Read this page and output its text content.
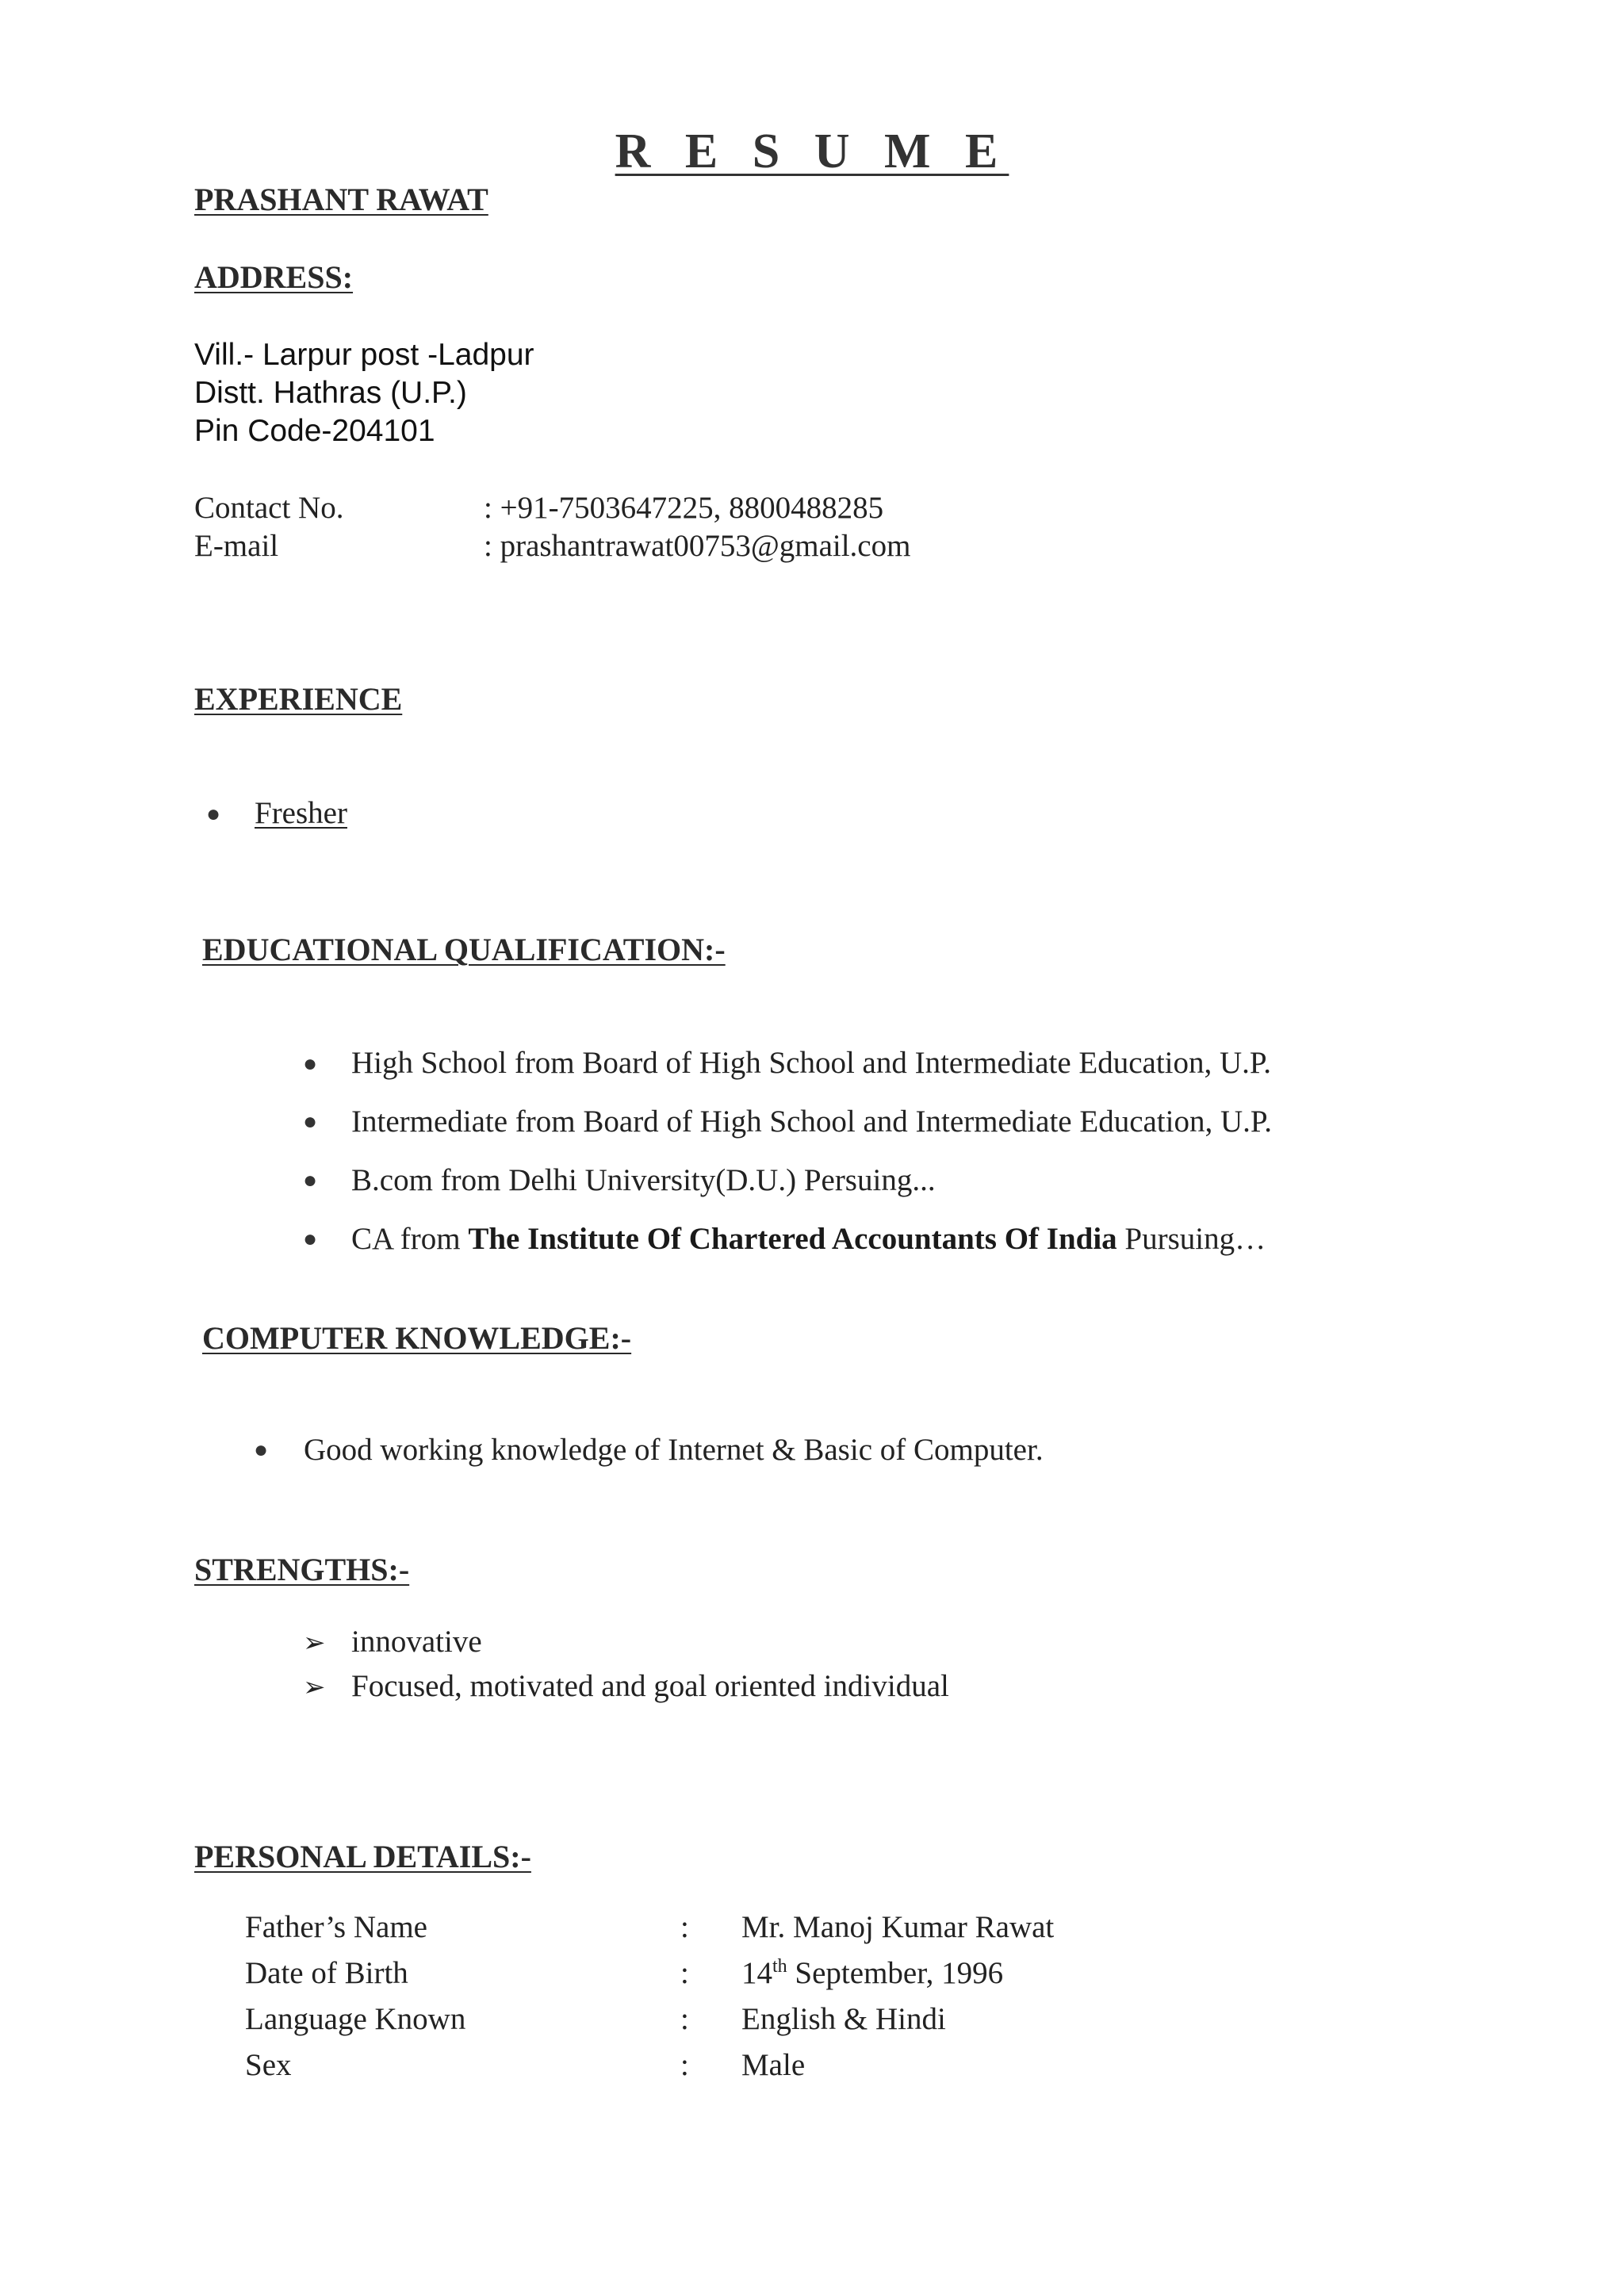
R E S U M E
PRASHANT RAWAT
ADDRESS:
Vill.- Larpur post -Ladpur
Distt. Hathras (U.P.)
Pin Code-204101
Contact No.	: +91-7503647225, 8800488285
E-mail	: prashantrawat00753@gmail.com
EXPERIENCE
● Fresher
EDUCATIONAL QUALIFICATION:-
● High School from Board of High School and Intermediate Education, U.P.
● Intermediate from Board of High School and Intermediate Education, U.P.
● B.com from Delhi University(D.U.) Persuing...
● CA from The Institute Of Chartered Accountants Of India Pursuing…
COMPUTER KNOWLEDGE:-
● Good working knowledge of Internet & Basic of Computer.
STRENGTHS:-
➢ innovative
➢ Focused, motivated and goal oriented individual
PERSONAL DETAILS:-
Father’s Name	: Mr. Manoj Kumar Rawat
Date of Birth	: 14th September, 1996
Language Known	: English & Hindi
Sex	: Male
